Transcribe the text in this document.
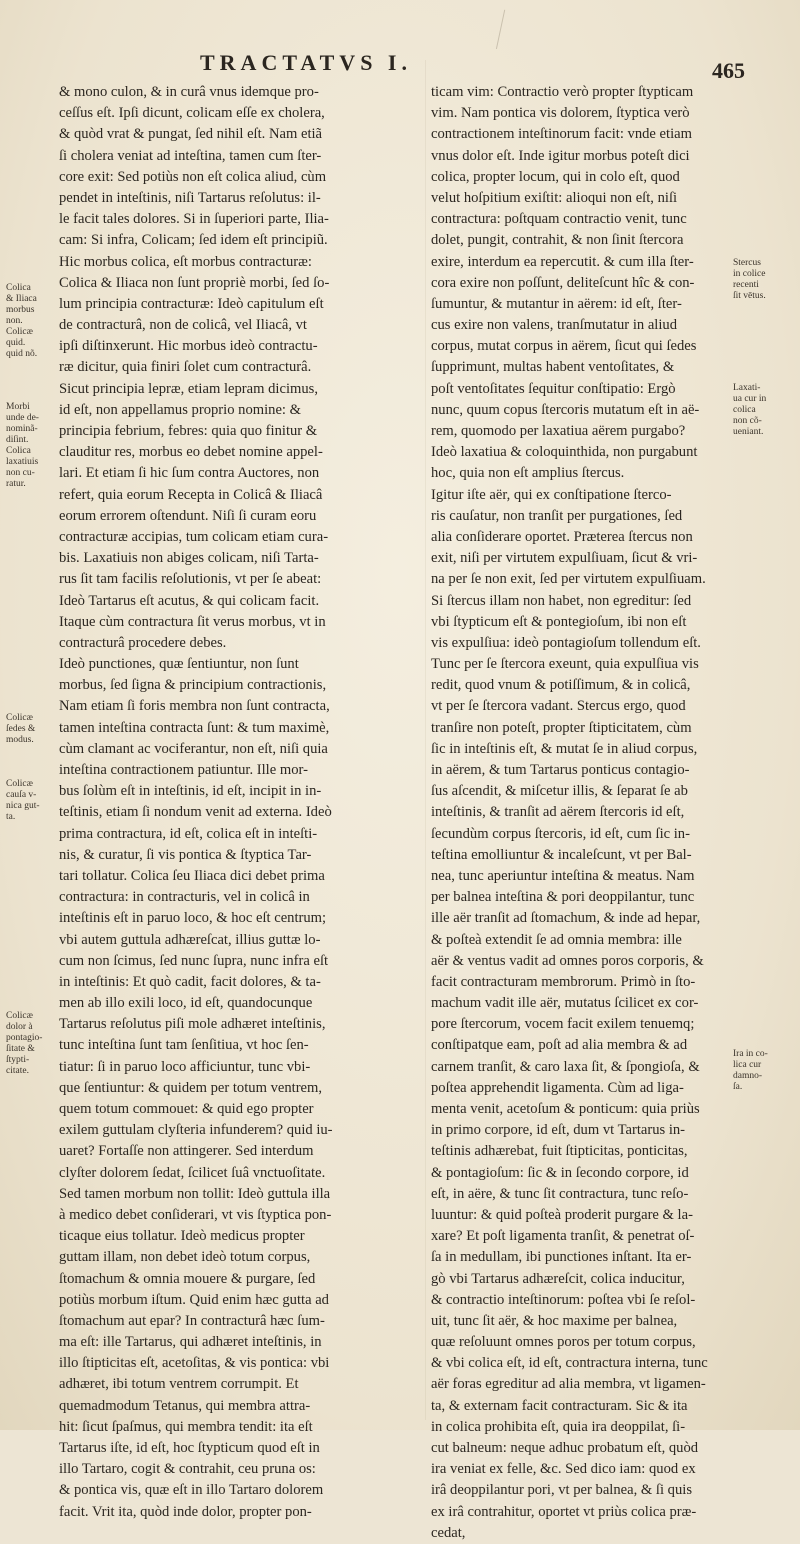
TRACTATVS I.	465
& mono culon, & in curâ vnus idemque pro-
ceſſus eſt. Ipſi dicunt, colicam eſſe ex cholera,
& quòd vrat & pungat, ſed nihil eſt. Nam etiã
ſi cholera veniat ad inteſtina, tamen cum ſter-
core exit: Sed potiùs non eſt colica aliud, cùm
pendet in inteſtinis, niſi Tartarus reſolutus: il-
le facit tales dolores. Si in ſuperiori parte, Ilia-
cam: Si infra, Colicam; ſed idem eſt principiũ.
Hic morbus colica, eſt morbus contracturæ:
Colica & Iliaca non ſunt propriè morbi, ſed ſo-
lum principia contracturæ: Ideò capitulum eſt
de contracturâ, non de colicâ, vel Iliacâ, vt
ipſi diſtinxerunt. Hic morbus ideò contractu-
ræ dicitur, quia finiri ſolet cum contracturâ.
Sicut principia lepræ, etiam lepram dicimus,
id eſt, non appellamus proprio nomine: &
principia febrium, febres: quia quo finitur &
clauditur res, morbus eo debet nomine appel-
lari. Et etiam ſi hic ſum contra Auctores, non
refert, quia eorum Recepta in Colicâ & Iliacâ
eorum errorem oſtendunt. Niſi ſi curam eoru
contracturæ accipias, tum colicam etiam cura-
bis. Laxatiuis non abiges colicam, niſi Tarta-
rus ſit tam facilis reſolutionis, vt per ſe abeat:
Ideò Tartarus eſt acutus, & qui colicam facit.
Itaque cùm contractura ſit verus morbus, vt in
contracturâ procedere debes.
Ideò punctiones, quæ ſentiuntur, non ſunt
morbus, ſed ſigna & principium contractionis,
Nam etiam ſi foris membra non ſunt contracta,
tamen inteſtina contracta ſunt: & tum maximè,
cùm clamant ac vociferantur, non eſt, niſi quia
inteſtina contractionem patiuntur. Ille mor-
bus ſolùm eſt in inteſtinis, id eſt, incipit in in-
teſtinis, etiam ſi nondum venit ad externa. Ideò
prima contractura, id eſt, colica eſt in inteſti-
nis, & curatur, ſi vis pontica & ſtyptica Tar-
tari tollatur. Colica ſeu Iliaca dici debet prima
contractura: in contracturis, vel in colicâ in
inteſtinis eſt in paruo loco, & hoc eſt centrum;
vbi autem guttula adhæreſcat, illius guttæ lo-
cum non ſcimus, ſed nunc ſupra, nunc infra eſt
in inteſtinis: Et quò cadit, facit dolores, & ta-
men ab illo exili loco, id eſt, quandocunque
Tartarus reſolutus piſi mole adhæret inteſtinis,
tunc inteſtina ſunt tam ſenſitiua, vt hoc ſen-
tiatur: ſi in paruo loco afficiuntur, tunc vbi-
que ſentiuntur: & quidem per totum ventrem,
quem totum commouet: & quid ego propter
exilem guttulam clyſteria infunderem? quid iu-
uaret? Fortaſſe non attingerer. Sed interdum
clyſter dolorem ſedat, ſcilicet ſuâ vnctuoſitate.
Sed tamen morbum non tollit: Ideò guttula illa
à medico debet conſiderari, vt vis ſtyptica pon-
ticaque eius tollatur. Ideò medicus propter
guttam illam, non debet ideò totum corpus,
ſtomachum & omnia mouere & purgare, ſed
potiùs morbum iſtum. Quid enim hæc gutta ad
ſtomachum aut epar? In contracturâ hæc ſum-
ma eſt: ille Tartarus, qui adhæret inteſtinis, in
illo ſtipticitas eſt, acetoſitas, & vis pontica: vbi
adhæret, ibi totum ventrem corrumpit. Et
quemadmodum Tetanus, qui membra attra-
hit: ſicut ſpaſmus, qui membra tendit: ita eſt
Tartarus iſte, id eſt, hoc ſtypticum quod eſt in
illo Tartaro, cogit & contrahit, ceu pruna os:
& pontica vis, quæ eſt in illo Tartaro dolorem
facit. Vrit ita, quòd inde dolor, propter pon-
ticam vim: Contractio verò propter ſtypticam
vim. Nam pontica vis dolorem, ſtyptica verò
contractionem inteſtinorum facit: vnde etiam
vnus dolor eſt. Inde igitur morbus poteſt dici
colica, propter locum, qui in colo eſt, quod
velut hoſpitium exiſtit: alioqui non eſt, niſi
contractura: poſtquam contractio venit, tunc
dolet, pungit, contrahit, & non ſinit ſtercora
exire, interdum ea repercutit. & cum illa ſter-
cora exire non poſſunt, deliteſcunt hîc & con-
ſumuntur, & mutantur in aërem: id eſt, ſter-
cus exire non valens, tranſmutatur in aliud
corpus, mutat corpus in aërem, ſicut qui ſedes
ſupprimunt, multas habent ventoſitates, &
poſt ventoſitates ſequitur conſtipatio: Ergò
nunc, quum copus ſtercoris mutatum eſt in aë-
rem, quomodo per laxatiua aërem purgabo?
Ideò laxatiua & coloquinthida, non purgabunt
hoc, quia non eſt amplius ſtercus.
Igitur iſte aër, qui ex conſtipatione ſterco-
ris cauſatur, non tranſit per purgationes, ſed
alia conſiderare oportet. Præterea ſtercus non
exit, niſi per virtutem expulſiuam, ſicut & vri-
na per ſe non exit, ſed per virtutem expulſiuam.
Si ſtercus illam non habet, non egreditur: ſed
vbi ſtypticum eſt & pontegioſum, ibi non eſt
vis expulſiua: ideò pontagioſum tollendum eſt.
Tunc per ſe ſtercora exeunt, quia expulſiua vis
redit, quod vnum & potiſſimum, & in colicâ,
vt per ſe ſtercora vadant. Stercus ergo, quod
tranſire non poteſt, propter ſtipticitatem, cùm
ſic in inteſtinis eſt, & mutat ſe in aliud corpus,
in aërem, & tum Tartarus ponticus contagio-
ſus aſcendit, & miſcetur illis, & ſeparat ſe ab
inteſtinis, & tranſit ad aërem ſtercoris id eſt,
ſecundùm corpus ſtercoris, id eſt, cum ſic in-
teſtina emolliuntur & incaleſcunt, vt per Bal-
nea, tunc aperiuntur inteſtina & meatus. Nam
per balnea inteſtina & pori deoppilantur, tunc
ille aër tranſit ad ſtomachum, & inde ad hepar,
& poſteà extendit ſe ad omnia membra: ille
aër & ventus vadit ad omnes poros corporis, &
facit contracturam membrorum. Primò in ſto-
machum vadit ille aër, mutatus ſcilicet ex cor-
pore ſtercorum, vocem facit exilem tenuemq;
conſtipatque eam, poſt ad alia membra & ad
carnem tranſit, & caro laxa ſit, & ſpongioſa, &
poſtea apprehendit ligamenta. Cùm ad liga-
menta venit, acetoſum & ponticum: quia priùs
in primo corpore, id eſt, dum vt Tartarus in-
teſtinis adhærebat, fuit ſtipticitas, ponticitas,
& pontagioſum: ſic & in ſecondo corpore, id
eſt, in aëre, & tunc ſit contractura, tunc reſo-
luuntur: & quid poſteà proderit purgare & la-
xare? Et poſt ligamenta tranſit, & penetrat oſ-
ſa in medullam, ibi punctiones inſtant. Ita er-
gò vbi Tartarus adhæreſcit, colica inducitur,
& contractio inteſtinorum: poſtea vbi ſe reſol-
uit, tunc ſit aër, & hoc maxime per balnea,
quæ reſoluunt omnes poros per totum corpus,
& vbi colica eſt, id eſt, contractura interna, tunc
aër foras egreditur ad alia membra, vt ligamen-
ta, & externam facit contracturam. Sic & ita
in colica prohibita eſt, quia ira deoppilat, ſi-
cut balneum: neque adhuc probatum eſt, quòd
ira veniat ex felle, &c. Sed dico iam: quod ex
irâ deoppilantur pori, vt per balnea, & ſi quis
ex irâ contrahitur, oportet vt priùs colica præ-
cedat,
Colica
& Iliaca
morbus
non.
Colicæ
quid.
quid nõ.
Morbi
unde de-
nominã-
diſint.
Colica
laxatiuis
non cu-
ratur.
Colicæ
ſedes &
modus.
Colicæ
cauſa v-
nica gut-
ta.
Colicæ
dolor à
pontagio-
ſitate &
ſtypti-
citate.
Stercus
in colice
recenti
ſit vētus.
Laxati-
ua cur in
colica
non cõ-
ueniant.
Ira in co-
lica cur
damno-
ſa.
